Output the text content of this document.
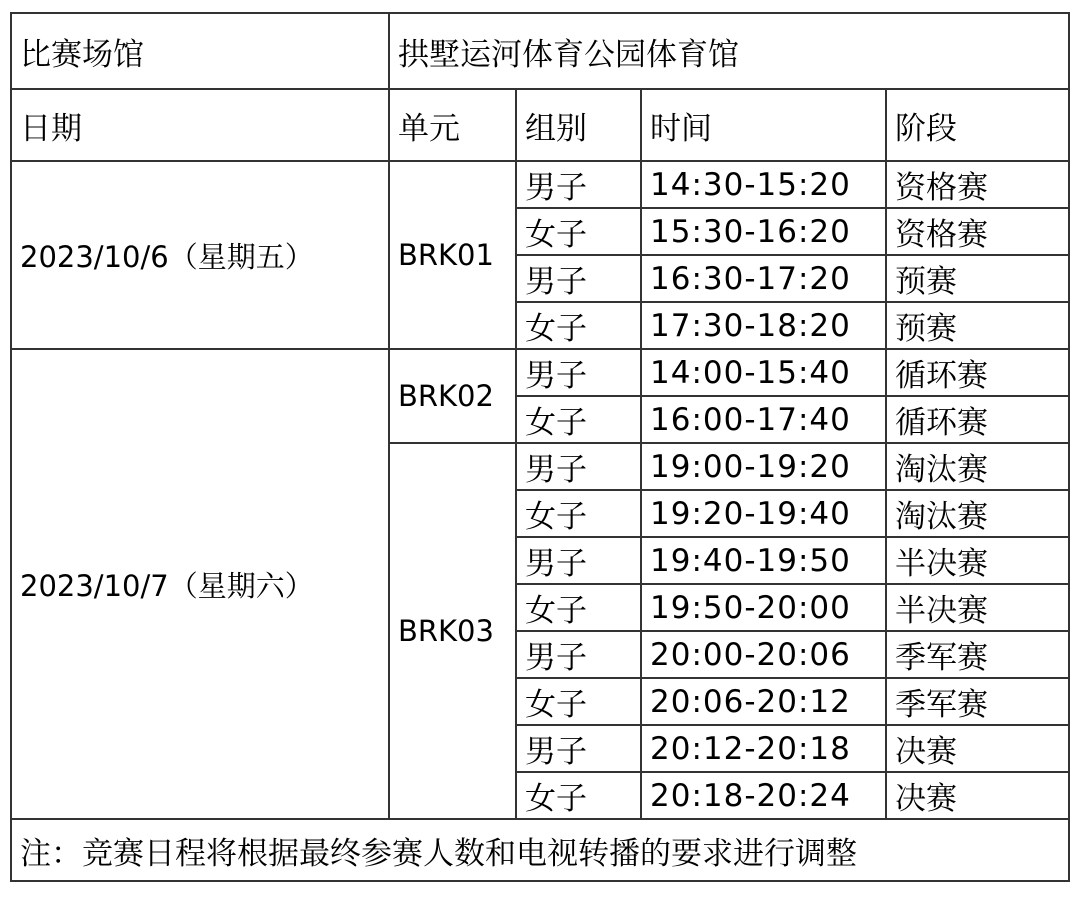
比赛场馆	拱墅运河体育公园体育馆			
日期	单元	组别	时间	阶段
2023/10/6（星期五）	BRK01	男子	14:30-15:20	资格赛
		女子	15:30-16:20	资格赛
		男子	16:30-17:20	预赛
		女子	17:30-18:20	预赛
2023/10/7（星期六）	BRK02	男子	14:00-15:40	循环赛
		女子	16:00-17:40	循环赛
	BRK03	男子	19:00-19:20	淘汰赛
		女子	19:20-19:40	淘汰赛
		男子	19:40-19:50	半决赛
		女子	19:50-20:00	半决赛
		男子	20:00-20:06	季军赛
		女子	20:06-20:12	季军赛
		男子	20:12-20:18	决赛
		女子	20:18-20:24	决赛
注：竞赛日程将根据最终参赛人数和电视转播的要求进行调整				
